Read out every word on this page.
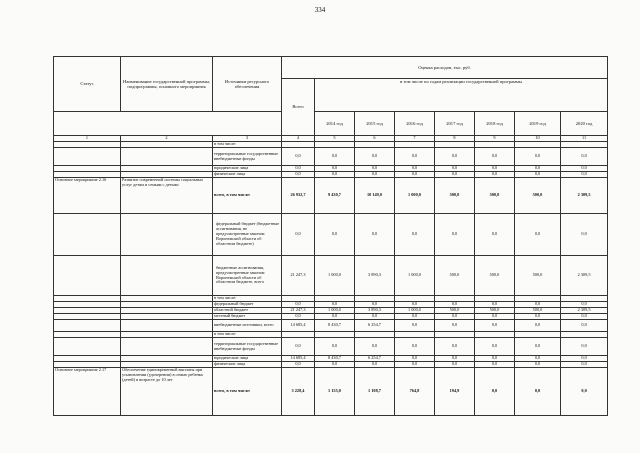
334
Статус	Наименование государственной программы, подпрограммы, основного мероприятия	Источники ресурсного обеспечения	Оценка расходов, тыс. руб.							
			Всего	в том числе по годам реализации государственной программы						
				2014 год	2015 год	2016 год	2017 год	2018 год	2019 год	2020 год
1	2	3	4	5	6	7	8	9	10	11
		в том числе:								
		территориальные государственные внебюджетные фонды	0,0	0,0	0,0	0,0	0,0	0,0	0,0	0,0
		юридические лица	0,0	0,0	0,0	0,0	0,0	0,0	0,0	0,0
		физические лица	0,0	0,0	0,0	0,0	0,0	0,0	0,0	0,0
Основное мероприятие 2.16	Развитие современной системы социальных услуг детям и семьям с детьми	всего, в том числе:	26 932,7	9 430,7	10 149,0	1 000,0	500,0	500,0	500,0	2 309,5
		федеральный бюджет (бюджетные ассигнования, не предусмотренные законом Воронежской области об областном бюджете)	0,0	0,0	0,0	0,0	0,0	0,0	0,0	0,0
		бюджетные ассигнования, предусмотренные законом Воронежской области об областном бюджете, всего	21 247,3	1 000,0	3 890,3	1 000,0	500,0	500,0	500,0	2 309,5
		в том числе:								
		федеральный бюджет	0,0	0,0	0,0	0,0	0,0	0,0	0,0	0,0
		областной бюджет	21 247,3	1 000,0	3 890,3	1 000,0	500,0	500,0	500,0	2 309,5
		местный бюджет	0,0	0,0	0,0	0,0	0,0	0,0	0,0	0,0
		внебюджетные источники, всего	14 685,4	8 430,7	6 254,7	0,0	0,0	0,0	0,0	0,0
		в том числе:								
		территориальные государственные внебюджетные фонды	0,0	0,0	0,0	0,0	0,0	0,0	0,0	0,0
		юридические лица	14 685,4	8 430,7	6 254,7	0,0	0,0	0,0	0,0	0,0
		физические лица	0,0	0,0	0,0	0,0	0,0	0,0	0,0	0,0
Основное мероприятие 2.17	Обеспечение единовременной выплаты при усыновлении (удочерении) в семью ребенка (детей) в возрасте до 10 лет	всего, в том числе:	3 228,4	1 155,0	1 108,7	764,8	194,9	0,0	0,0	0,0
